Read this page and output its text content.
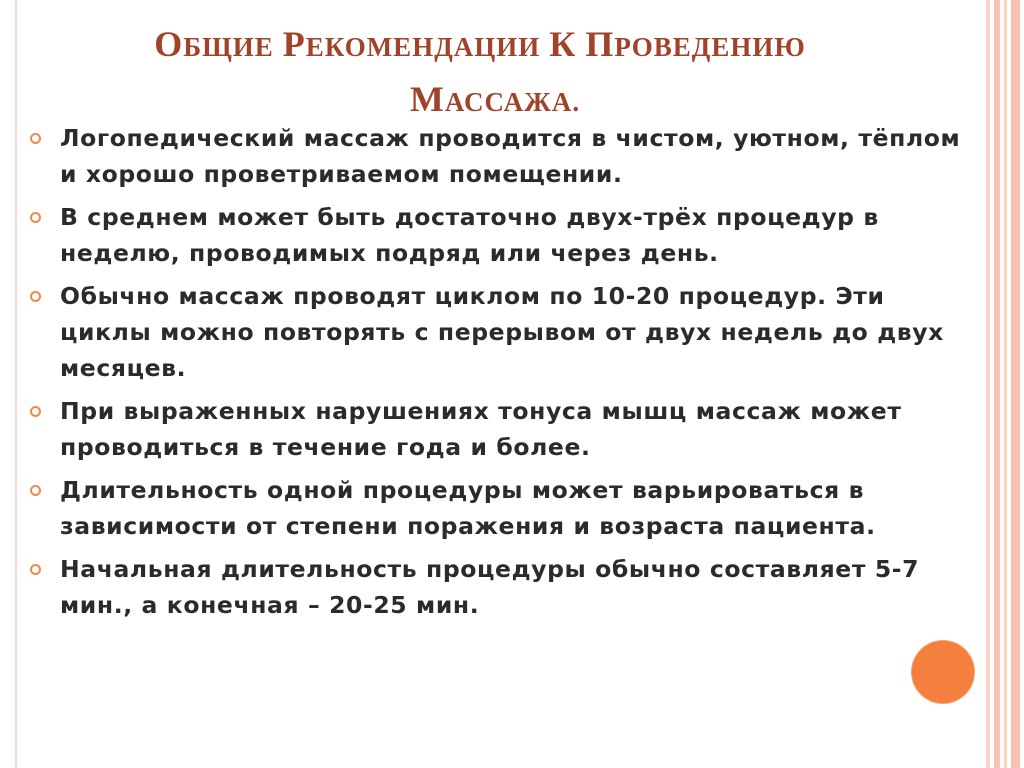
ОБЩИЕ РЕКОМЕНДАЦИИ К ПРОВЕДЕНИЮ
МАССАЖА.
Логопедический массаж проводится в чистом, уютном, тёплом и хорошо проветриваемом помещении.
В среднем может быть достаточно двух-трёх процедур в неделю, проводимых подряд или через день.
Обычно массаж проводят циклом по 10-20 процедур. Эти циклы можно повторять с перерывом от двух недель до двух месяцев.
При выраженных нарушениях тонуса мышц массаж может проводиться в течение года и более.
Длительность одной процедуры может варьироваться в зависимости от степени поражения и возраста пациента.
Начальная длительность процедуры обычно составляет 5-7 мин., а конечная – 20-25 мин.
